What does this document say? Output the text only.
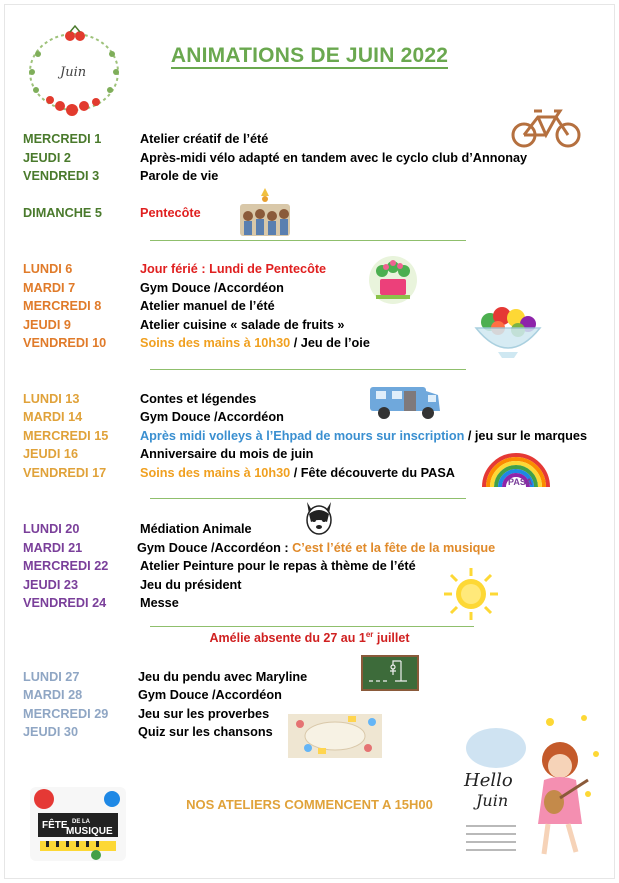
Juin
ANIMATIONS DE JUIN 2022
MERCREDI 1	Atelier créatif de l’été
JEUDI 2	Après-midi vélo adapté en tandem avec le cyclo club d’Annonay
VENDREDI 3	Parole de vie
DIMANCHE 5	Pentecôte
LUNDI 6	Jour férié : Lundi de Pentecôte
MARDI 7	Gym Douce /Accordéon
MERCREDI 8	Atelier manuel de l’été
JEUDI 9	Atelier cuisine « salade de fruits »
VENDREDI 10	Soins des mains à 10h30 / Jeu de l’oie
LUNDI 13	Contes et légendes
MARDI 14	Gym Douce /Accordéon
MERCREDI 15 Après midi volleys à l’Ehpad de mours sur inscription / jeu sur le marques
JEUDI 16	Anniversaire du mois de juin
VENDREDI 17	Soins des mains à 10h30 / Fête découverte du PASA
PASA
LUNDI 20	Médiation Animale
MARDI 21	Gym Douce /Accordéon : C’est l’été et la fête de la musique
MERCREDI 22 Atelier Peinture pour le repas à thème de l’été
JEUDI 23	Jeu du président
VENDREDI 24	Messe
Amélie absente du 27 au 1er juillet
LUNDI 27	Jeu du pendu avec Maryline
MARDI 28	Gym Douce /Accordéon
MERCREDI 29 Jeu sur les proverbes
JEUDI 30	Quiz sur les chansons
Hello
Juin
FÊTE DE LA
MUSIQUE
NOS ATELIERS COMMENCENT A 15H00
